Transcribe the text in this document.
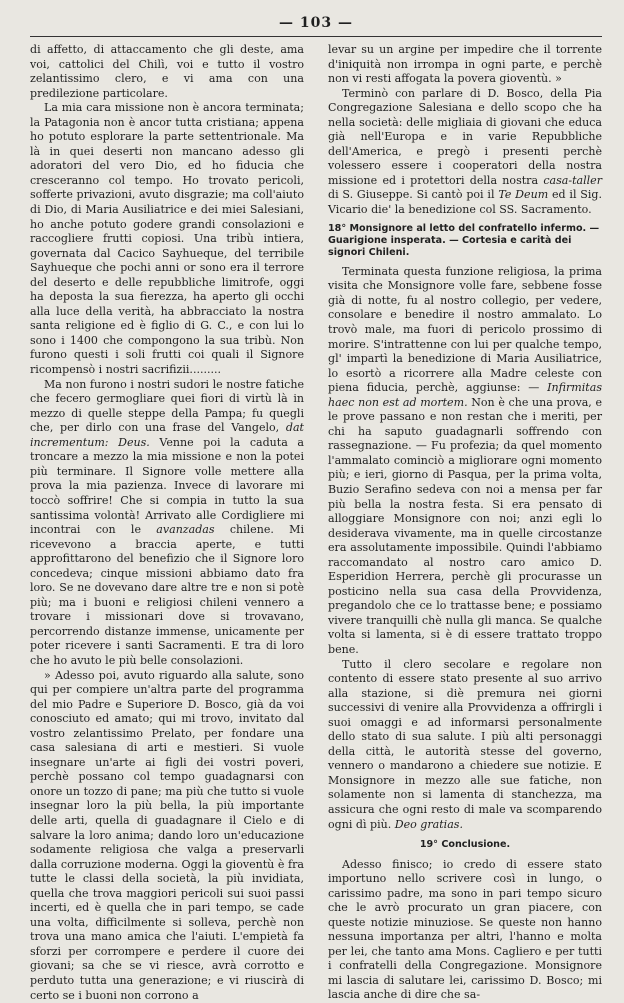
— 103 —

di affetto, di attaccamento che gli deste, ama voi, cattolici del Chilì, voi e tutto il vostro zelantissimo clero, e vi ama con una predilezione particolare.

La mia cara missione non è ancora terminata; la Patagonia non è ancor tutta cristiana; appena ho potuto esplorare la parte settentrionale. Ma là in quei deserti non mancano adesso gli adoratori del vero Dio, ed ho fiducia che cresceranno col tempo. Ho trovato pericoli, sofferte privazioni, avuto disgrazie; ma coll'aiuto di Dio, di Maria Ausiliatrice e dei miei Salesiani, ho anche potuto godere grandi consolazioni e raccogliere frutti copiosi. Una tribù intiera, governata dal Cacico Sayhueque, del terribile Sayhueque che pochi anni or sono era il terrore del deserto e delle repubbliche limitrofe, oggi ha deposta la sua fierezza, ha aperto gli occhi alla luce della verità, ha abbracciato la nostra santa religione ed è figlio di G. C., e con lui lo sono i 1400 che compongono la sua tribù. Non furono questi i soli frutti coi quali il Signore ricompensò i nostri sacrifizii.........

Ma non furono i nostri sudori le nostre fatiche che fecero germogliare quei fiori di virtù là in mezzo di quelle steppe della Pampa; fu quegli che, per dirlo con una frase del Vangelo, dat incrementum: Deus. Venne poi la caduta a troncare a mezzo la mia missione e non la potei più terminare. Il Signore volle mettere alla prova la mia pazienza. Invece di lavorare mi toccò soffrire! Che si compia in tutto la sua santissima volontà! Arrivato alle Cordigliere mi incontrai con le avanzadas chilene. Mi ricevevono a braccia aperte, e tutti approfittarono del benefizio che il Signore loro concedeva; cinque missioni abbiamo dato fra loro. Se ne dovevano dare altre tre e non si potè più; ma i buoni e religiosi chileni vennero a trovare i missionari dove si trovavano, percorrendo distanze immense, unicamente per poter ricevere i santi Sacramenti. E tra di loro che ho avuto le più belle consolazioni.

» Adesso poi, avuto riguardo alla salute, sono qui per compiere un'altra parte del programma del mio Padre e Superiore D. Bosco, già da voi conosciuto ed amato; qui mi trovo, invitato dal vostro zelantissimo Prelato, per fondare una casa salesiana di arti e mestieri. Si vuole insegnare un'arte ai figli dei vostri poveri, perchè possano col tempo guadagnarsi con onore un tozzo di pane; ma più che tutto si vuole insegnar loro la più bella, la più importante delle arti, quella di guadagnare il Cielo e di salvare la loro anima; dando loro un'educazione sodamente religiosa che valga a preservarli dalla corruzione moderna. Oggi la gioventù è fra tutte le classi della società, la più invidiata, quella che trova maggiori pericoli sui suoi passi incerti, ed è quella che in pari tempo, se cade una volta, difficilmente si solleva, perchè non trova una mano amica che l'aiuti. L'empietà fa sforzi per corrompere e perdere il cuore dei giovani; sa che se vi riesce, avrà corrotto e perduto tutta una generazione; e vi riuscirà di certo se i buoni non corrono a

levar su un argine per impedire che il torrente d'iniquità non irrompa in ogni parte, e perchè non vi resti affogata la povera gioventù. »

Terminò con parlare di D. Bosco, della Pia Congregazione Salesiana e dello scopo che ha nella società: delle migliaia di giovani che educa già nell'Europa e in varie Repubbliche dell'America, e pregò i presenti perchè volessero essere i cooperatori della nostra missione ed i protettori della nostra casa-taller di S. Giuseppe. Si cantò poi il Te Deum ed il Sig. Vicario die' la benedizione col SS. Sacramento.

18° Monsignore al letto del confratello infermo. — Guarigione insperata. — Cortesia e carità dei signori Chileni.

Terminata questa funzione religiosa, la prima visita che Monsignore volle fare, sebbene fosse già di notte, fu al nostro collegio, per vedere, consolare e benedire il nostro ammalato. Lo trovò male, ma fuori di pericolo prossimo di morire. S'intrattenne con lui per qualche tempo, gl' impartì la benedizione di Maria Ausiliatrice, lo esortò a ricorrere alla Madre celeste con piena fiducia, perchè, aggiunse: — Infirmitas haec non est ad mortem. Non è che una prova, e le prove passano e non restan che i meriti, per chi ha saputo guadagnarli soffrendo con rassegnazione. — Fu profezia; da quel momento l'ammalato cominciò a migliorare ogni momento più; e ieri, giorno di Pasqua, per la prima volta, Buzio Serafino sedeva con noi a mensa per far più bella la nostra festa. Si era pensato di alloggiare Monsignore con noi; anzi egli lo desiderava vivamente, ma in quelle circostanze era assolutamente impossibile. Quindi l'abbiamo raccomandato al nostro caro amico D. Esperidion Herrera, perchè gli procurasse un posticino nella sua casa della Provvidenza, pregandolo che ce lo trattasse bene; e possiamo vivere tranquilli chè nulla gli manca. Se qualche volta si lamenta, si è di essere trattato troppo bene.

Tutto il clero secolare e regolare non contento di essere stato presente al suo arrivo alla stazione, si diè premura nei giorni successivi di venire alla Provvidenza a offrirgli i suoi omaggi e ad informarsi personalmente dello stato di sua salute. I più alti personaggi della città, le autorità stesse del governo, vennero o mandarono a chiedere sue notizie. E Monsignore in mezzo alle sue fatiche, non solamente non si lamenta di stanchezza, ma assicura che ogni resto di male va scomparendo ogni dì più. Deo gratias.

19° Conclusione.

Adesso finisco; io credo di essere stato importuno nello scrivere così in lungo, o carissimo padre, ma sono in pari tempo sicuro che le avrò procurato un gran piacere, con queste notizie minuziose. Se queste non hanno nessuna importanza per altri, l'hanno e molta per lei, che tanto ama Mons. Cagliero e per tutti i confratelli della Congregazione. Monsignore mi lascia di salutare lei, carissimo D. Bosco; mi lascia anche di dire che sa-
